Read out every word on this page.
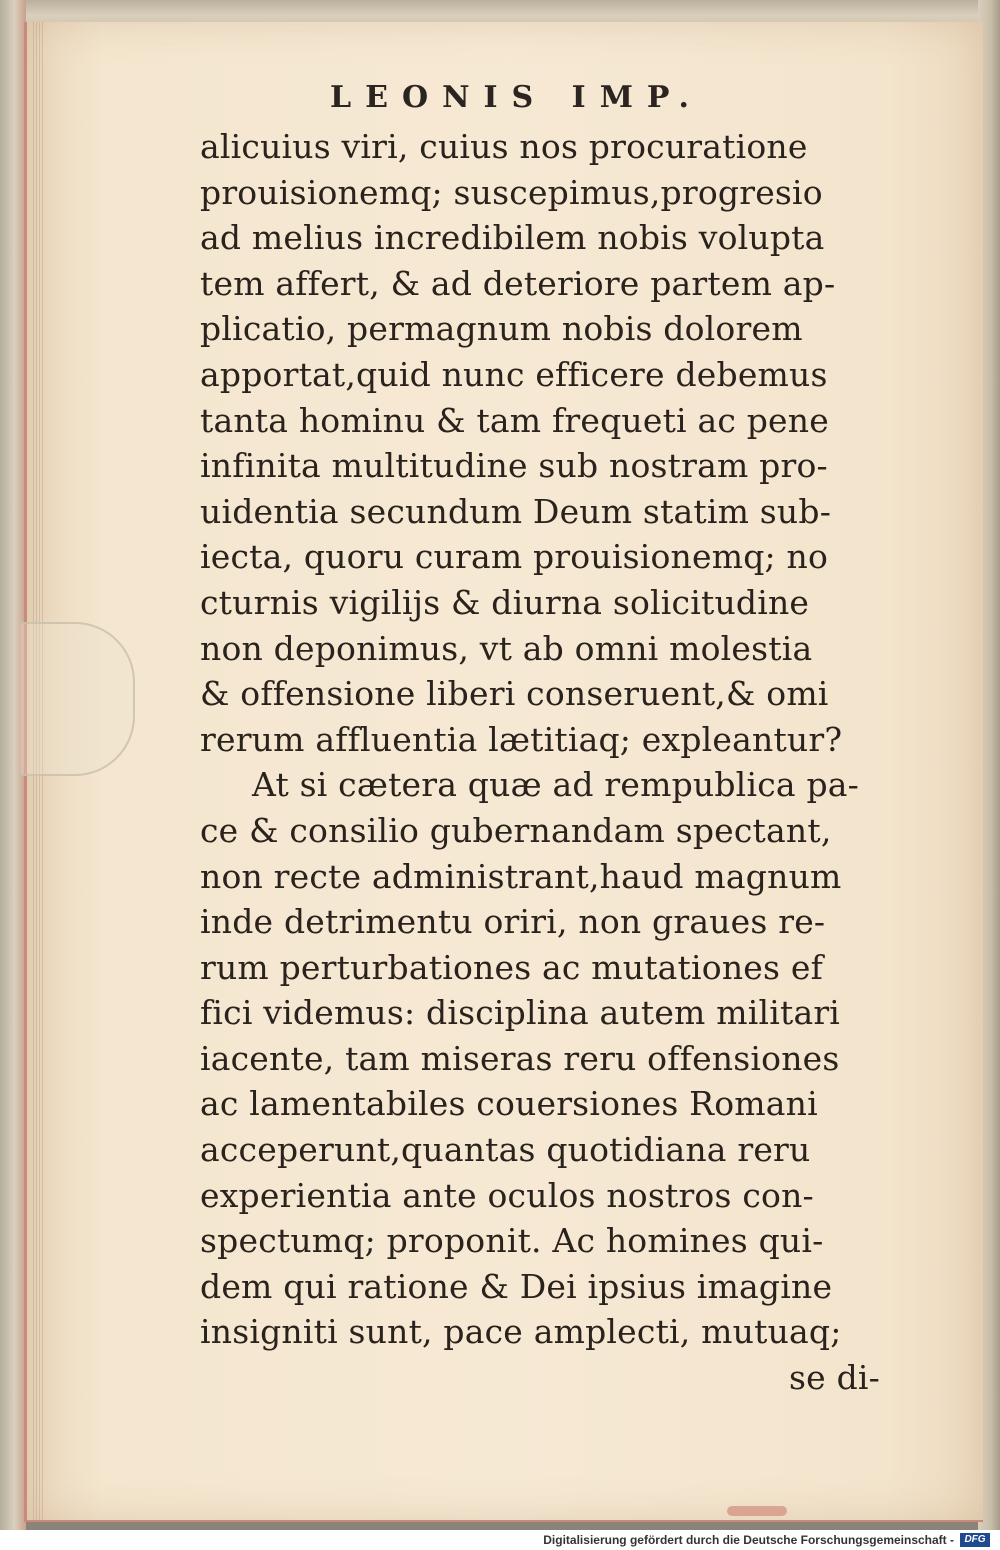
LEONIS IMP.
alicuius viri, cuius nos procuratione
prouisionemq; suscepimus,progresio
ad melius incredibilem nobis volupta
tem affert, & ad deteriore partem ap-
plicatio, permagnum nobis dolorem
apportat,quid nunc efficere debemus
tanta hominu & tam frequeti ac pene
infinita multitudine sub nostram pro-
uidentia secundum Deum statim sub-
iecta, quoru curam prouisionemq; no
cturnis vigilijs & diurna solicitudine
non deponimus, vt ab omni molestia
& offensione liberi conseruent,& omi
rerum affluentia lætitiaq; expleantur?
At si cætera quæ ad rempublica pa-
ce & consilio gubernandam spectant,
non recte administrant,haud magnum
inde detrimentu oriri, non graues re-
rum perturbationes ac mutationes ef
fici videmus: disciplina autem militari
iacente, tam miseras reru offensiones
ac lamentabiles couersiones Romani
acceperunt,quantas quotidiana reru
experientia ante oculos nostros con-
spectumq; proponit. Ac homines qui-
dem qui ratione & Dei ipsius imagine
insigniti sunt, pace amplecti, mutuaq;
se di-
Digitalisierung gefördert durch die Deutsche Forschungsgemeinschaft -	DFG
